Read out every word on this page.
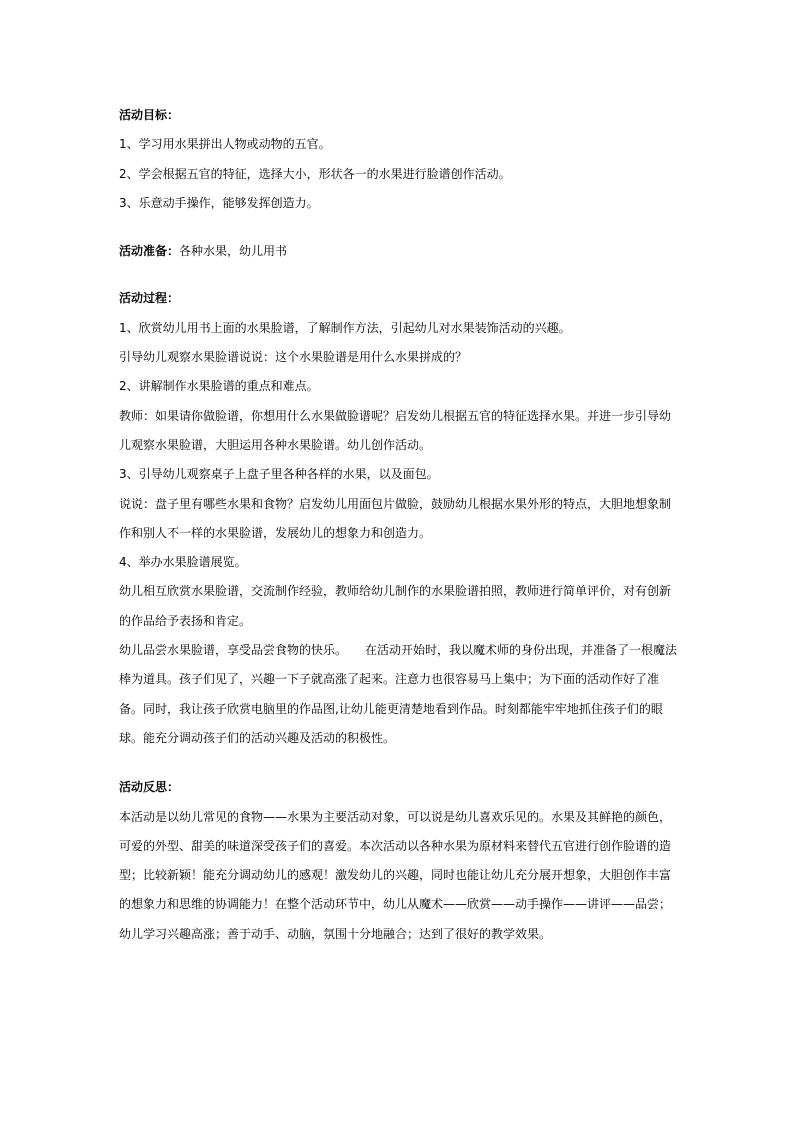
活动目标：

1、学习用水果拼出人物或动物的五官。

2、学会根据五官的特征，选择大小，形状各一的水果进行脸谱创作活动。

3、乐意动手操作，能够发挥创造力。

活动准备：各种水果，幼儿用书

活动过程：

1、欣赏幼儿用书上面的水果脸谱，了解制作方法，引起幼儿对水果装饰活动的兴趣。

引导幼儿观察水果脸谱说说：这个水果脸谱是用什么水果拼成的？

2、讲解制作水果脸谱的重点和难点。

教师：如果请你做脸谱，你想用什么水果做脸谱呢？启发幼儿根据五官的特征选择水果。并进一步引导幼儿观察水果脸谱，大胆运用各种水果脸谱。幼儿创作活动。

3、引导幼儿观察桌子上盘子里各种各样的水果，以及面包。

说说：盘子里有哪些水果和食物？启发幼儿用面包片做脸，鼓励幼儿根据水果外形的特点，大胆地想象制作和别人不一样的水果脸谱，发展幼儿的想象力和创造力。

4、举办水果脸谱展览。

幼儿相互欣赏水果脸谱，交流制作经验，教师给幼儿制作的水果脸谱拍照，教师进行简单评价，对有创新的作品给予表扬和肯定。

幼儿品尝水果脸谱，享受品尝食物的快乐。　　在活动开始时，我以魔术师的身份出现，并准备了一根魔法棒为道具。孩子们见了，兴趣一下子就高涨了起来。注意力也很容易马上集中；为下面的活动作好了准备。同时，我让孩子欣赏电脑里的作品图,让幼儿能更清楚地看到作品。时刻都能牢牢地抓住孩子们的眼球。能充分调动孩子们的活动兴趣及活动的积极性。

活动反思：

本活动是以幼儿常见的食物——水果为主要活动对象，可以说是幼儿喜欢乐见的。水果及其鲜艳的颜色，可爱的外型、甜美的味道深受孩子们的喜爱。本次活动以各种水果为原材料来替代五官进行创作脸谱的造型；比较新颖！能充分调动幼儿的感观！激发幼儿的兴趣，同时也能让幼儿充分展开想象，大胆创作丰富的想象力和思维的协调能力！在整个活动环节中，幼儿从魔术——欣赏——动手操作——讲评——品尝；幼儿学习兴趣高涨；善于动手、动脑，氛围十分地融合；达到了很好的教学效果。
